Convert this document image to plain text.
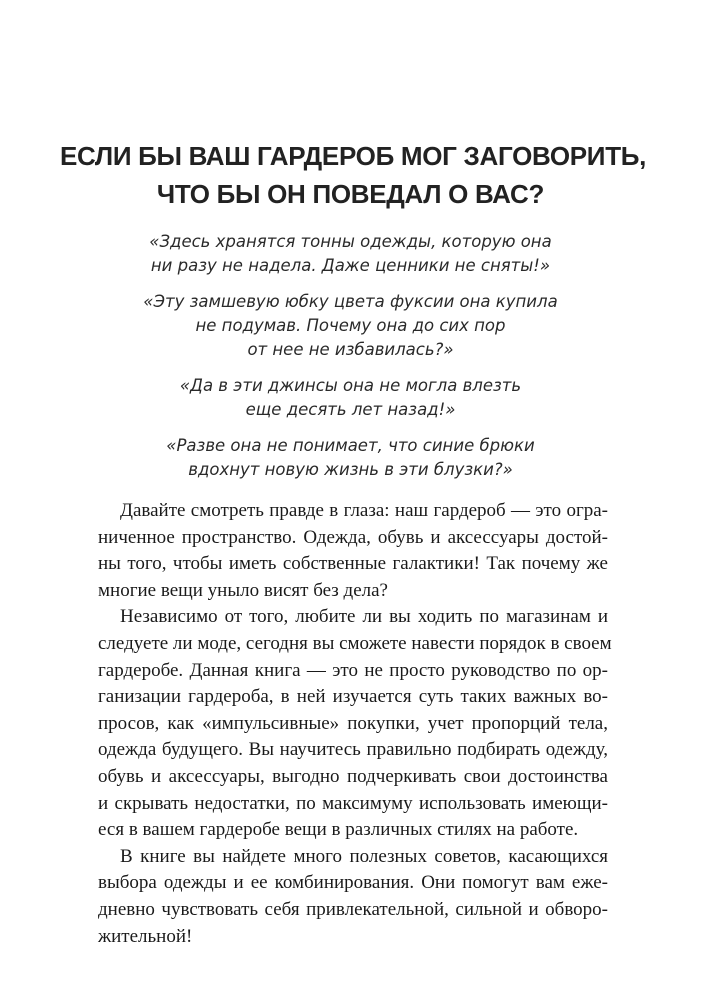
ЕСЛИ БЫ ВАШ ГАРДЕРОБ МОГ ЗАГОВОРИТЬ,
ЧТО БЫ ОН ПОВЕДАЛ О ВАС?
«Здесь хранятся тонны одежды, которую она
ни разу не надела. Даже ценники не сняты!»
«Эту замшевую юбку цвета фуксии она купила
не подумав. Почему она до сих пор
от нее не избавилась?»
«Да в эти джинсы она не могла влезть
еще десять лет назад!»
«Разве она не понимает, что синие брюки
вдохнут новую жизнь в эти блузки?»
Давайте смотреть правде в глаза: наш гардероб — это огра-
ниченное пространство. Одежда, обувь и аксессуары достой-
ны того, чтобы иметь собственные галактики! Так почему же
многие вещи уныло висят без дела?
Независимо от того, любите ли вы ходить по магазинам и
следуете ли моде, сегодня вы сможете навести порядок в своем
гардеробе. Данная книга — это не просто руководство по ор-
ганизации гардероба, в ней изучается суть таких важных во-
просов, как «импульсивные» покупки, учет пропорций тела,
одежда будущего. Вы научитесь правильно подбирать одежду,
обувь и аксессуары, выгодно подчеркивать свои достоинства
и скрывать недостатки, по максимуму использовать имеющи-
еся в вашем гардеробе вещи в различных стилях на работе.
В книге вы найдете много полезных советов, касающихся
выбора одежды и ее комбинирования. Они помогут вам еже-
дневно чувствовать себя привлекательной, сильной и обворо-
жительной!
